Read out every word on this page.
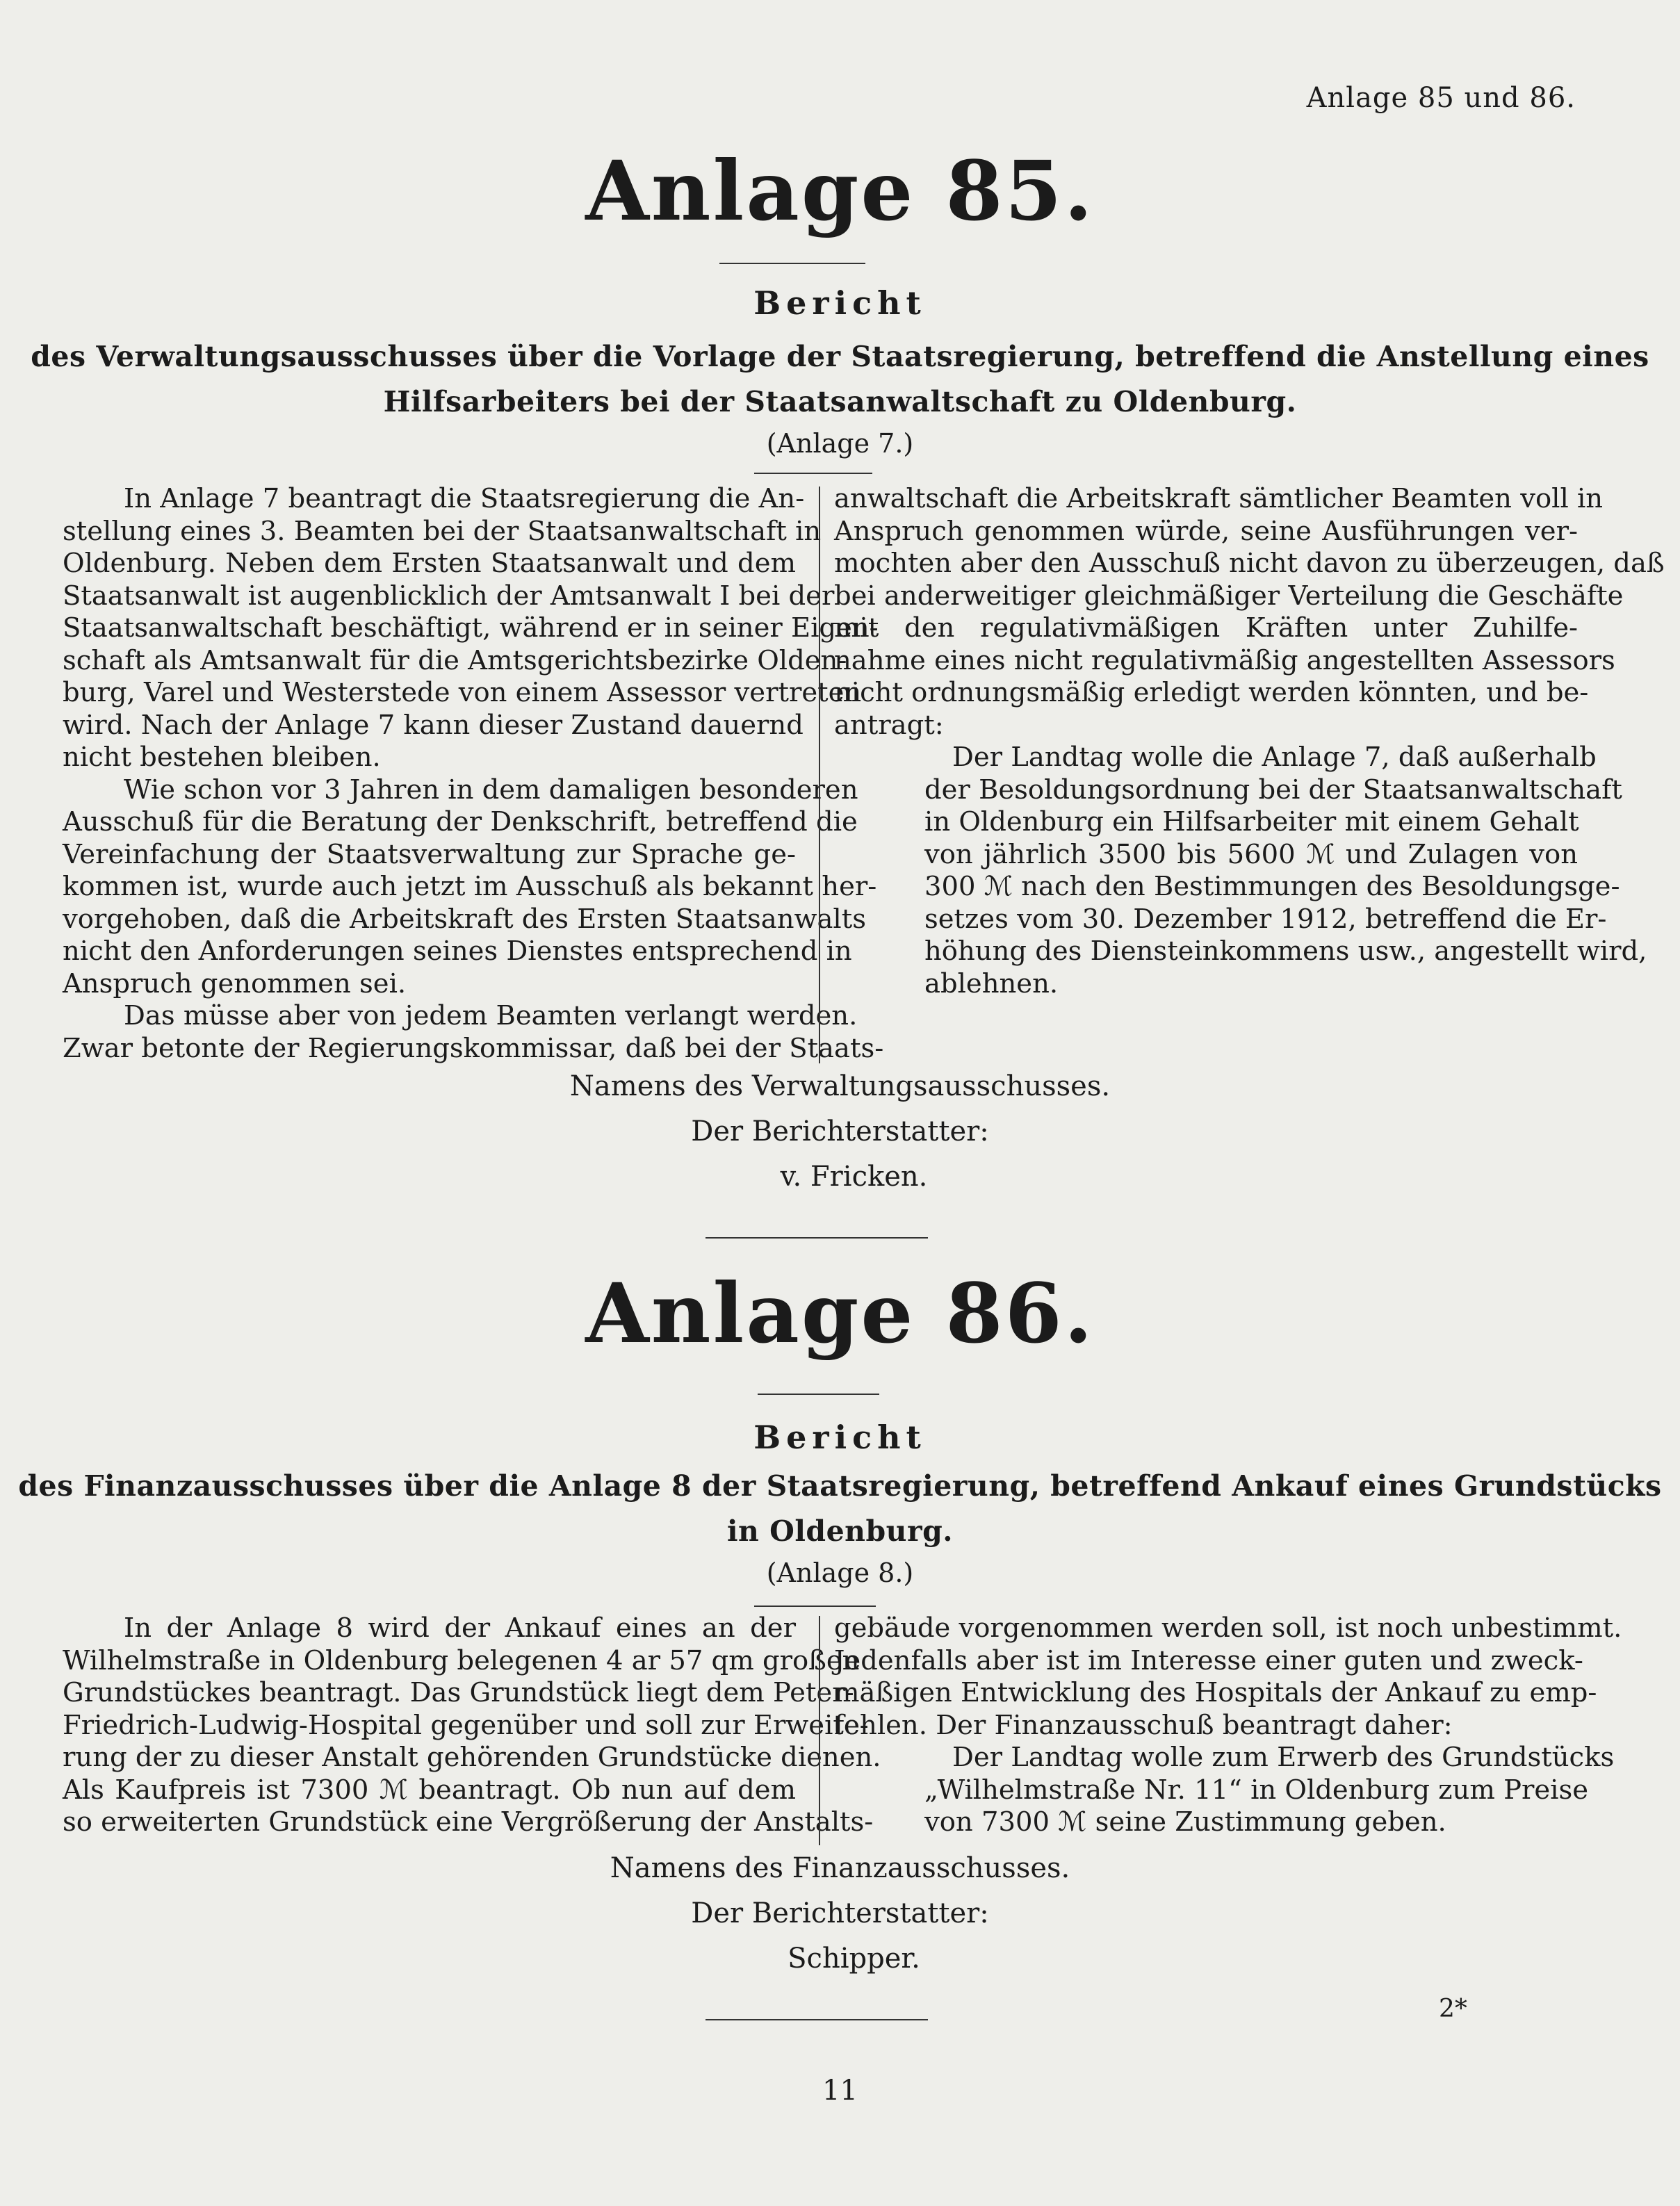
Anlage 85 und 86.
Anlage 85.
Bericht
des Verwaltungsausschusses über die Vorlage der Staatsregierung, betreffend die Anstellung eines
Hilfsarbeiters bei der Staatsanwaltschaft zu Oldenburg.
(Anlage 7.)
In Anlage 7 beantragt die Staatsregierung die An-
stellung eines 3. Beamten bei der Staatsanwaltschaft in
Oldenburg. Neben dem Ersten Staatsanwalt und dem
Staatsanwalt ist augenblicklich der Amtsanwalt I bei der
Staatsanwaltschaft beschäftigt, während er in seiner Eigen-
schaft als Amtsanwalt für die Amtsgerichtsbezirke Olden-
burg, Varel und Westerstede von einem Assessor vertreten
wird. Nach der Anlage 7 kann dieser Zustand dauernd
nicht bestehen bleiben.
Wie schon vor 3 Jahren in dem damaligen besonderen
Ausschuß für die Beratung der Denkschrift, betreffend die
Vereinfachung der Staatsverwaltung zur Sprache ge-
kommen ist, wurde auch jetzt im Ausschuß als bekannt her-
vorgehoben, daß die Arbeitskraft des Ersten Staatsanwalts
nicht den Anforderungen seines Dienstes entsprechend in
Anspruch genommen sei.
Das müsse aber von jedem Beamten verlangt werden.
Zwar betonte der Regierungskommissar, daß bei der Staats-
anwaltschaft die Arbeitskraft sämtlicher Beamten voll in
Anspruch genommen würde, seine Ausführungen ver-
mochten aber den Ausschuß nicht davon zu überzeugen, daß
bei anderweitiger gleichmäßiger Verteilung die Geschäfte
mit den regulativmäßigen Kräften unter Zuhilfe-
nahme eines nicht regulativmäßig angestellten Assessors
nicht ordnungsmäßig erledigt werden könnten, und be-
antragt:
Der Landtag wolle die Anlage 7, daß außerhalb
der Besoldungsordnung bei der Staatsanwaltschaft
in Oldenburg ein Hilfsarbeiter mit einem Gehalt
von jährlich 3500 bis 5600 ℳ und Zulagen von
300 ℳ nach den Bestimmungen des Besoldungsge-
setzes vom 30. Dezember 1912, betreffend die Er-
höhung des Diensteinkommens usw., angestellt wird,
ablehnen.
Namens des Verwaltungsausschusses.
Der Berichterstatter:
v. Fricken.
Anlage 86.
Bericht
des Finanzausschusses über die Anlage 8 der Staatsregierung, betreffend Ankauf eines Grundstücks
in Oldenburg.
(Anlage 8.)
In der Anlage 8 wird der Ankauf eines an der
Wilhelmstraße in Oldenburg belegenen 4 ar 57 qm großen
Grundstückes beantragt. Das Grundstück liegt dem Peter-
Friedrich-Ludwig-Hospital gegenüber und soll zur Erweite-
rung der zu dieser Anstalt gehörenden Grundstücke dienen.
Als Kaufpreis ist 7300 ℳ beantragt. Ob nun auf dem
so erweiterten Grundstück eine Vergrößerung der Anstalts-
gebäude vorgenommen werden soll, ist noch unbestimmt.
Jedenfalls aber ist im Interesse einer guten und zweck-
mäßigen Entwicklung des Hospitals der Ankauf zu emp-
fehlen. Der Finanzausschuß beantragt daher:
Der Landtag wolle zum Erwerb des Grundstücks
„Wilhelmstraße Nr. 11“ in Oldenburg zum Preise
von 7300 ℳ seine Zustimmung geben.
Namens des Finanzausschusses.
Der Berichterstatter:
Schipper.
2*
11
